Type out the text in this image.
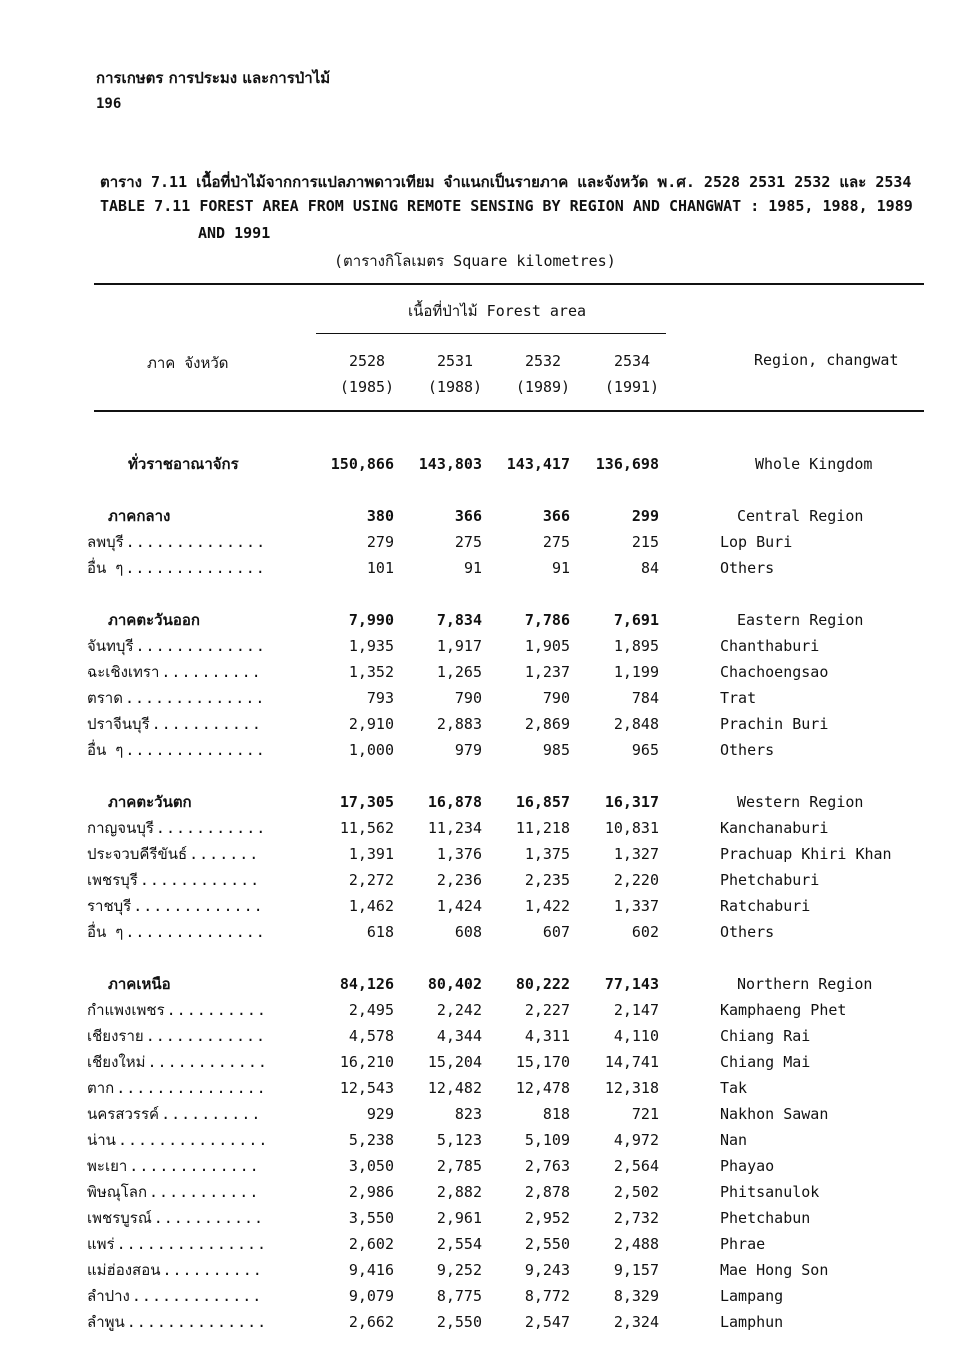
การเกษตร การประมง และการป่าไม้
196
ตาราง 7.11 เนื้อที่ป่าไม้จากการแปลภาพดาวเทียม จำแนกเป็นรายภาค และจังหวัด พ.ศ. 2528 2531 2532 และ 2534
TABLE 7.11 FOREST AREA FROM USING REMOTE SENSING BY REGION AND CHANGWAT : 1985, 1988, 1989
AND 1991
(ตารางกิโลเมตร Square kilometres)
เนื้อที่ป่าไม้ Forest area
ภาค จังหวัด	Region, changwat
2528
(1985)
2531
(1988)
2532
(1989)
2534
(1991)
ทั่วราชอาณาจักร	150,866	143,803	143,417	136,698	Whole Kingdom
ภาคกลาง	380	366	366	299	Central Region
ลพบุรี ..............	279	275	275	215	Lop Buri
อื่น ๆ ..............	101	91	91	84	Others
ภาคตะวันออก	7,990	7,834	7,786	7,691	Eastern Region
จันทบุรี .............	1,935	1,917	1,905	1,895	Chanthaburi
ฉะเชิงเทรา ..........	1,352	1,265	1,237	1,199	Chachoengsao
ตราด ..............	793	790	790	784	Trat
ปราจีนบุรี ...........	2,910	2,883	2,869	2,848	Prachin Buri
อื่น ๆ ..............	1,000	979	985	965	Others
ภาคตะวันตก	17,305	16,878	16,857	16,317	Western Region
กาญจนบุรี ...........	11,562	11,234	11,218	10,831	Kanchanaburi
ประจวบคีรีขันธ์ .......	1,391	1,376	1,375	1,327	Prachuap Khiri Khan
เพชรบุรี ............	2,272	2,236	2,235	2,220	Phetchaburi
ราชบุรี .............	1,462	1,424	1,422	1,337	Ratchaburi
อื่น ๆ ..............	618	608	607	602	Others
ภาคเหนือ	84,126	80,402	80,222	77,143	Northern Region
กำแพงเพชร ..........	2,495	2,242	2,227	2,147	Kamphaeng Phet
เชียงราย ............	4,578	4,344	4,311	4,110	Chiang Rai
เชียงใหม่ ............	16,210	15,204	15,170	14,741	Chiang Mai
ตาก ...............	12,543	12,482	12,478	12,318	Tak
นครสวรรค์ ..........	929	823	818	721	Nakhon Sawan
น่าน ...............	5,238	5,123	5,109	4,972	Nan
พะเยา .............	3,050	2,785	2,763	2,564	Phayao
พิษณุโลก ...........	2,986	2,882	2,878	2,502	Phitsanulok
เพชรบูรณ์ ...........	3,550	2,961	2,952	2,732	Phetchabun
แพร่ ...............	2,602	2,554	2,550	2,488	Phrae
แม่ฮ่องสอน ..........	9,416	9,252	9,243	9,157	Mae Hong Son
ลำปาง .............	9,079	8,775	8,772	8,329	Lampang
ลำพูน ..............	2,662	2,550	2,547	2,324	Lamphun
